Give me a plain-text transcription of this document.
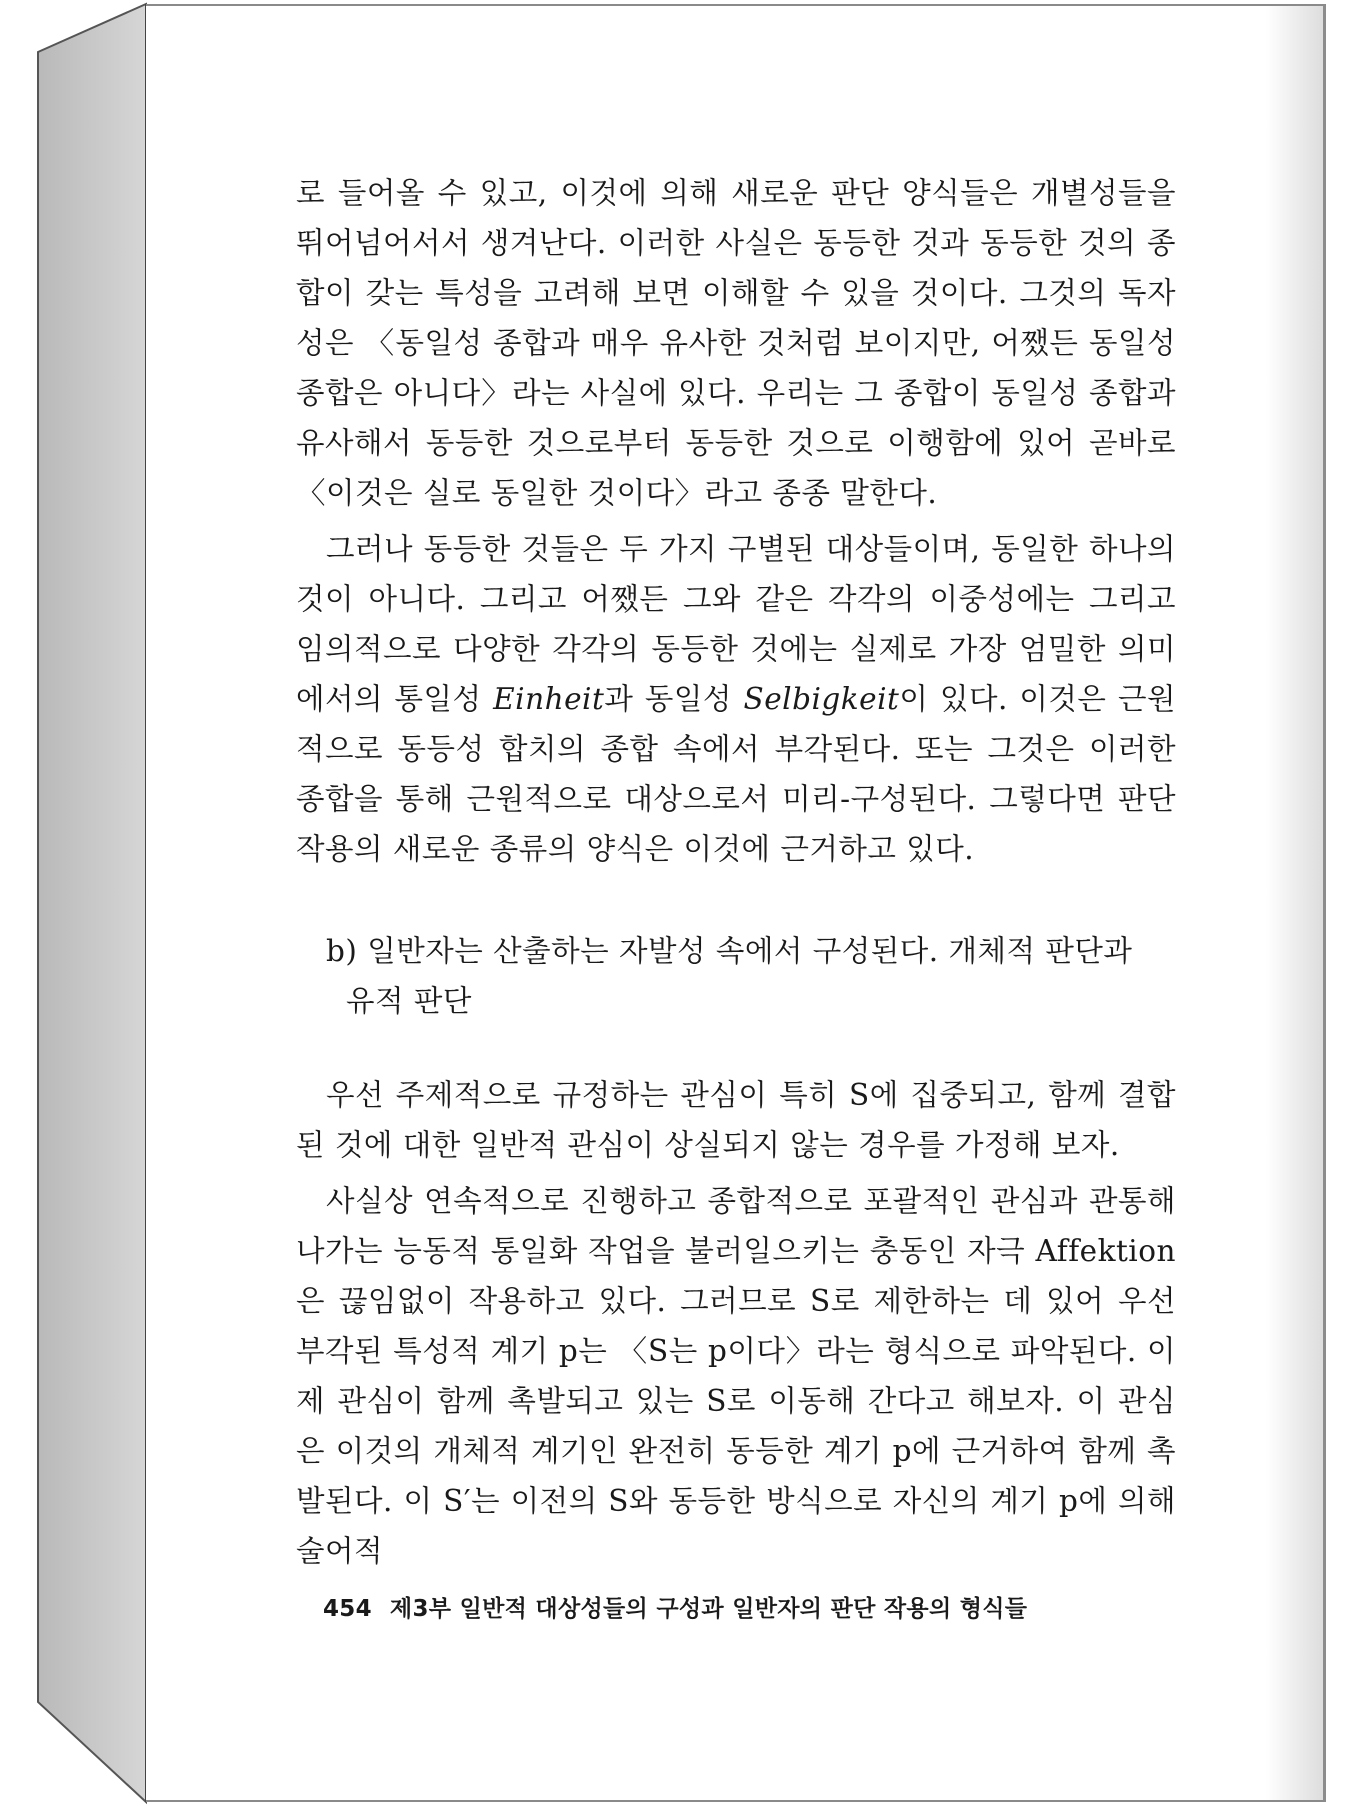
로 들어올 수 있고, 이것에 의해 새로운 판단 양식들은 개별성들을 뛰어넘어서서 생겨난다. 이러한 사실은 동등한 것과 동등한 것의 종합이 갖는 특성을 고려해 보면 이해할 수 있을 것이다. 그것의 독자성은 〈동일성 종합과 매우 유사한 것처럼 보이지만, 어쨌든 동일성 종합은 아니다〉라는 사실에 있다. 우리는 그 종합이 동일성 종합과 유사해서 동등한 것으로부터 동등한 것으로 이행함에 있어 곧바로 〈이것은 실로 동일한 것이다〉라고 종종 말한다.

그러나 동등한 것들은 두 가지 구별된 대상들이며, 동일한 하나의 것이 아니다. 그리고 어쨌든 그와 같은 각각의 이중성에는 그리고 임의적으로 다양한 각각의 동등한 것에는 실제로 가장 엄밀한 의미에서의 통일성 Einheit과 동일성 Selbigkeit이 있다. 이것은 근원적으로 동등성 합치의 종합 속에서 부각된다. 또는 그것은 이러한 종합을 통해 근원적으로 대상으로서 미리-구성된다. 그렇다면 판단 작용의 새로운 종류의 양식은 이것에 근거하고 있다.

b) 일반자는 산출하는 자발성 속에서 구성된다. 개체적 판단과
유적 판단

우선 주제적으로 규정하는 관심이 특히 S에 집중되고, 함께 결합된 것에 대한 일반적 관심이 상실되지 않는 경우를 가정해 보자.

사실상 연속적으로 진행하고 종합적으로 포괄적인 관심과 관통해 나가는 능동적 통일화 작업을 불러일으키는 충동인 자극 Affektion은 끊임없이 작용하고 있다. 그러므로 S로 제한하는 데 있어 우선 부각된 특성적 계기 p는 〈S는 p이다〉라는 형식으로 파악된다. 이제 관심이 함께 촉발되고 있는 S로 이동해 간다고 해보자. 이 관심은 이것의 개체적 계기인 완전히 동등한 계기 p에 근거하여 함께 촉발된다. 이 S′는 이전의 S와 동등한 방식으로 자신의 계기 p에 의해 술어적

454 제3부 일반적 대상성들의 구성과 일반자의 판단 작용의 형식들
